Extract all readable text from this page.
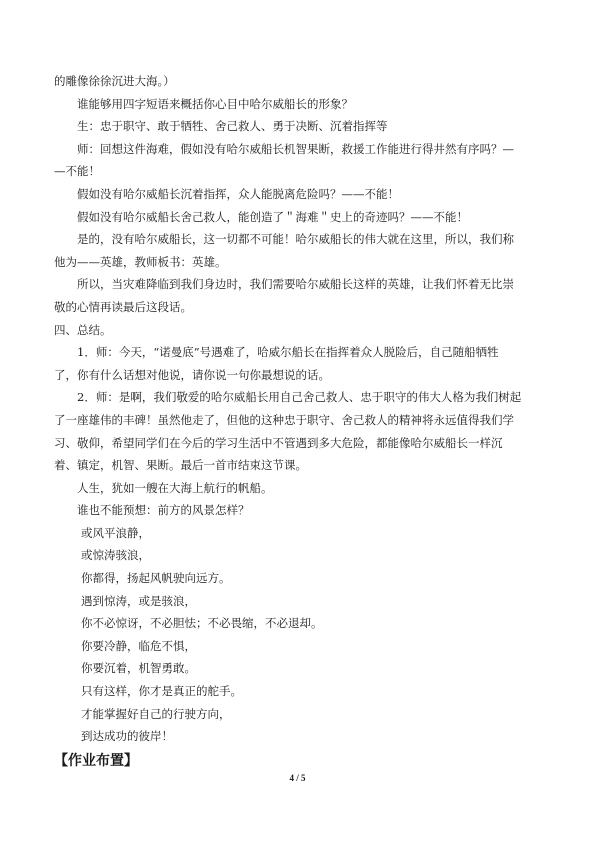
的雕像徐徐沉进大海。）
谁能够用四字短语来概括你心目中哈尔威船长的形象？
生：忠于职守、敢于牺牲、舍己救人、勇于决断、沉着指挥等
师：回想这件海难，假如没有哈尔威船长机智果断，救援工作能进行得井然有序吗？—
—不能！
假如没有哈尔威船长沉着指挥，众人能脱离危险吗？——不能！
假如没有哈尔威船长舍己救人，能创造了＂海难＂史上的奇迹吗？——不能！
是的，没有哈尔威船长，这一切都不可能！哈尔威船长的伟大就在这里，所以，我们称
他为——英雄，教师板书：英雄。
所以，当灾难降临到我们身边时，我们需要哈尔威船长这样的英雄，让我们怀着无比崇
敬的心情再读最后这段话。
四、总结。
1．师：今天，“诺曼底”号遇难了，哈威尔船长在指挥着众人脱险后，自己随船牺牲
了，你有什么话想对他说，请你说一句你最想说的话。
2．师：是啊，我们敬爱的哈尔威船长用自己舍己救人、忠于职守的伟大人格为我们树起
了一座雄伟的丰碑！虽然他走了，但他的这种忠于职守、舍己救人的精神将永远值得我们学
习、敬仰，希望同学们在今后的学习生活中不管遇到多大危险，都能像哈尔威船长一样沉
着、镇定，机智、果断。最后一首市结束这节课。
人生，犹如一艘在大海上航行的帆船。
谁也不能预想：前方的风景怎样？
或风平浪静，
或惊涛骇浪，
你都得，扬起风帆驶向远方。
遇到惊涛，或是骇浪，
你不必惊讶，不必胆怯；不必畏缩，不必退却。
你要冷静，临危不惧，
你要沉着，机智勇敢。
只有这样，你才是真正的舵手。
才能掌握好自己的行驶方向，
到达成功的彼岸！
【作业布置】
4 / 5
